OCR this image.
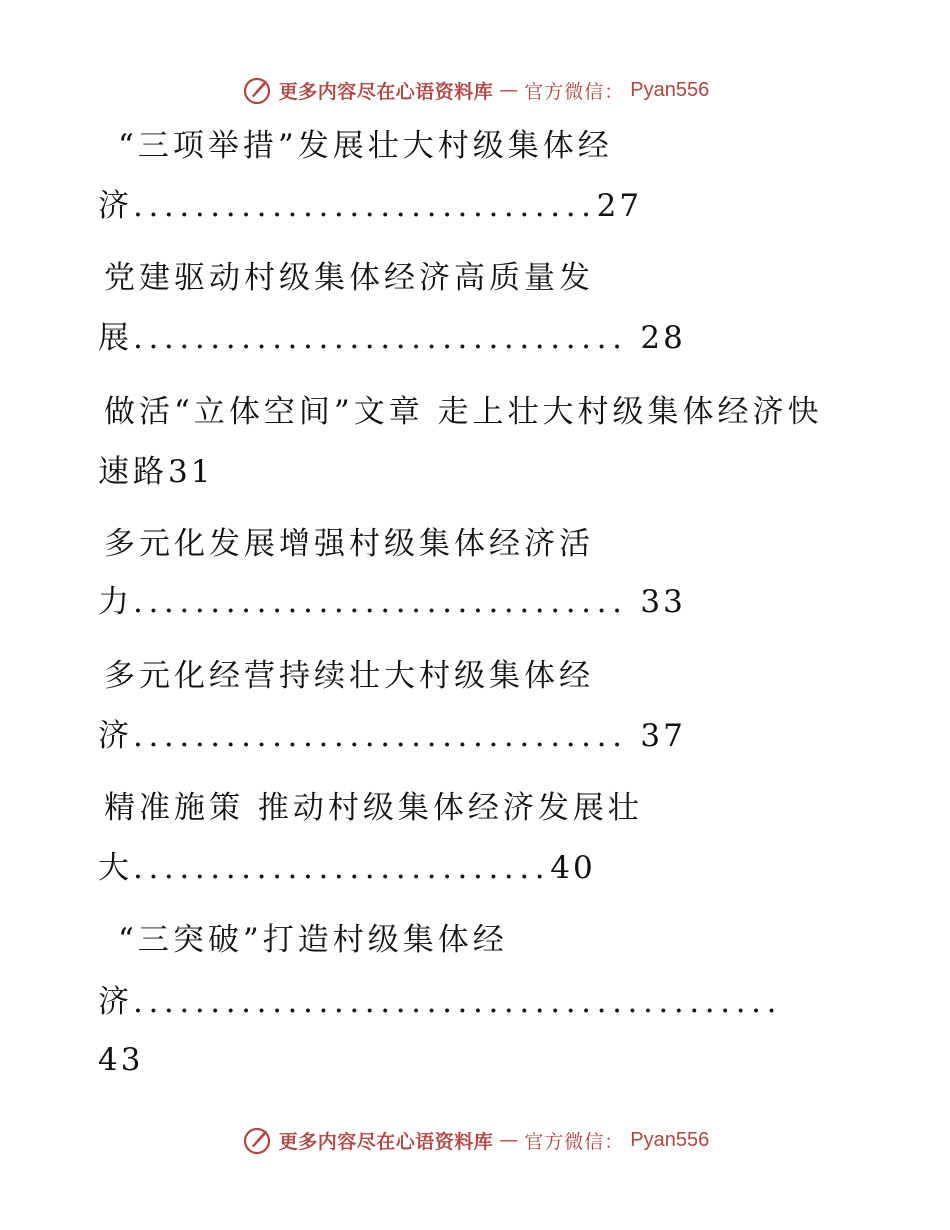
更多内容尽在心语资料库 — 官方微信： Pyan556
“三项举措”发展壮大村级集体经
济..............................27
党建驱动村级集体经济高质量发
展................................ 28
做活“立体空间”文章 走上壮大村级集体经济快
速路31
多元化发展增强村级集体经济活
力................................ 33
多元化经营持续壮大村级集体经
济................................ 37
精准施策 推动村级集体经济发展壮
大...........................40
“三突破”打造村级集体经
济..........................................
43
更多内容尽在心语资料库 — 官方微信： Pyan556
